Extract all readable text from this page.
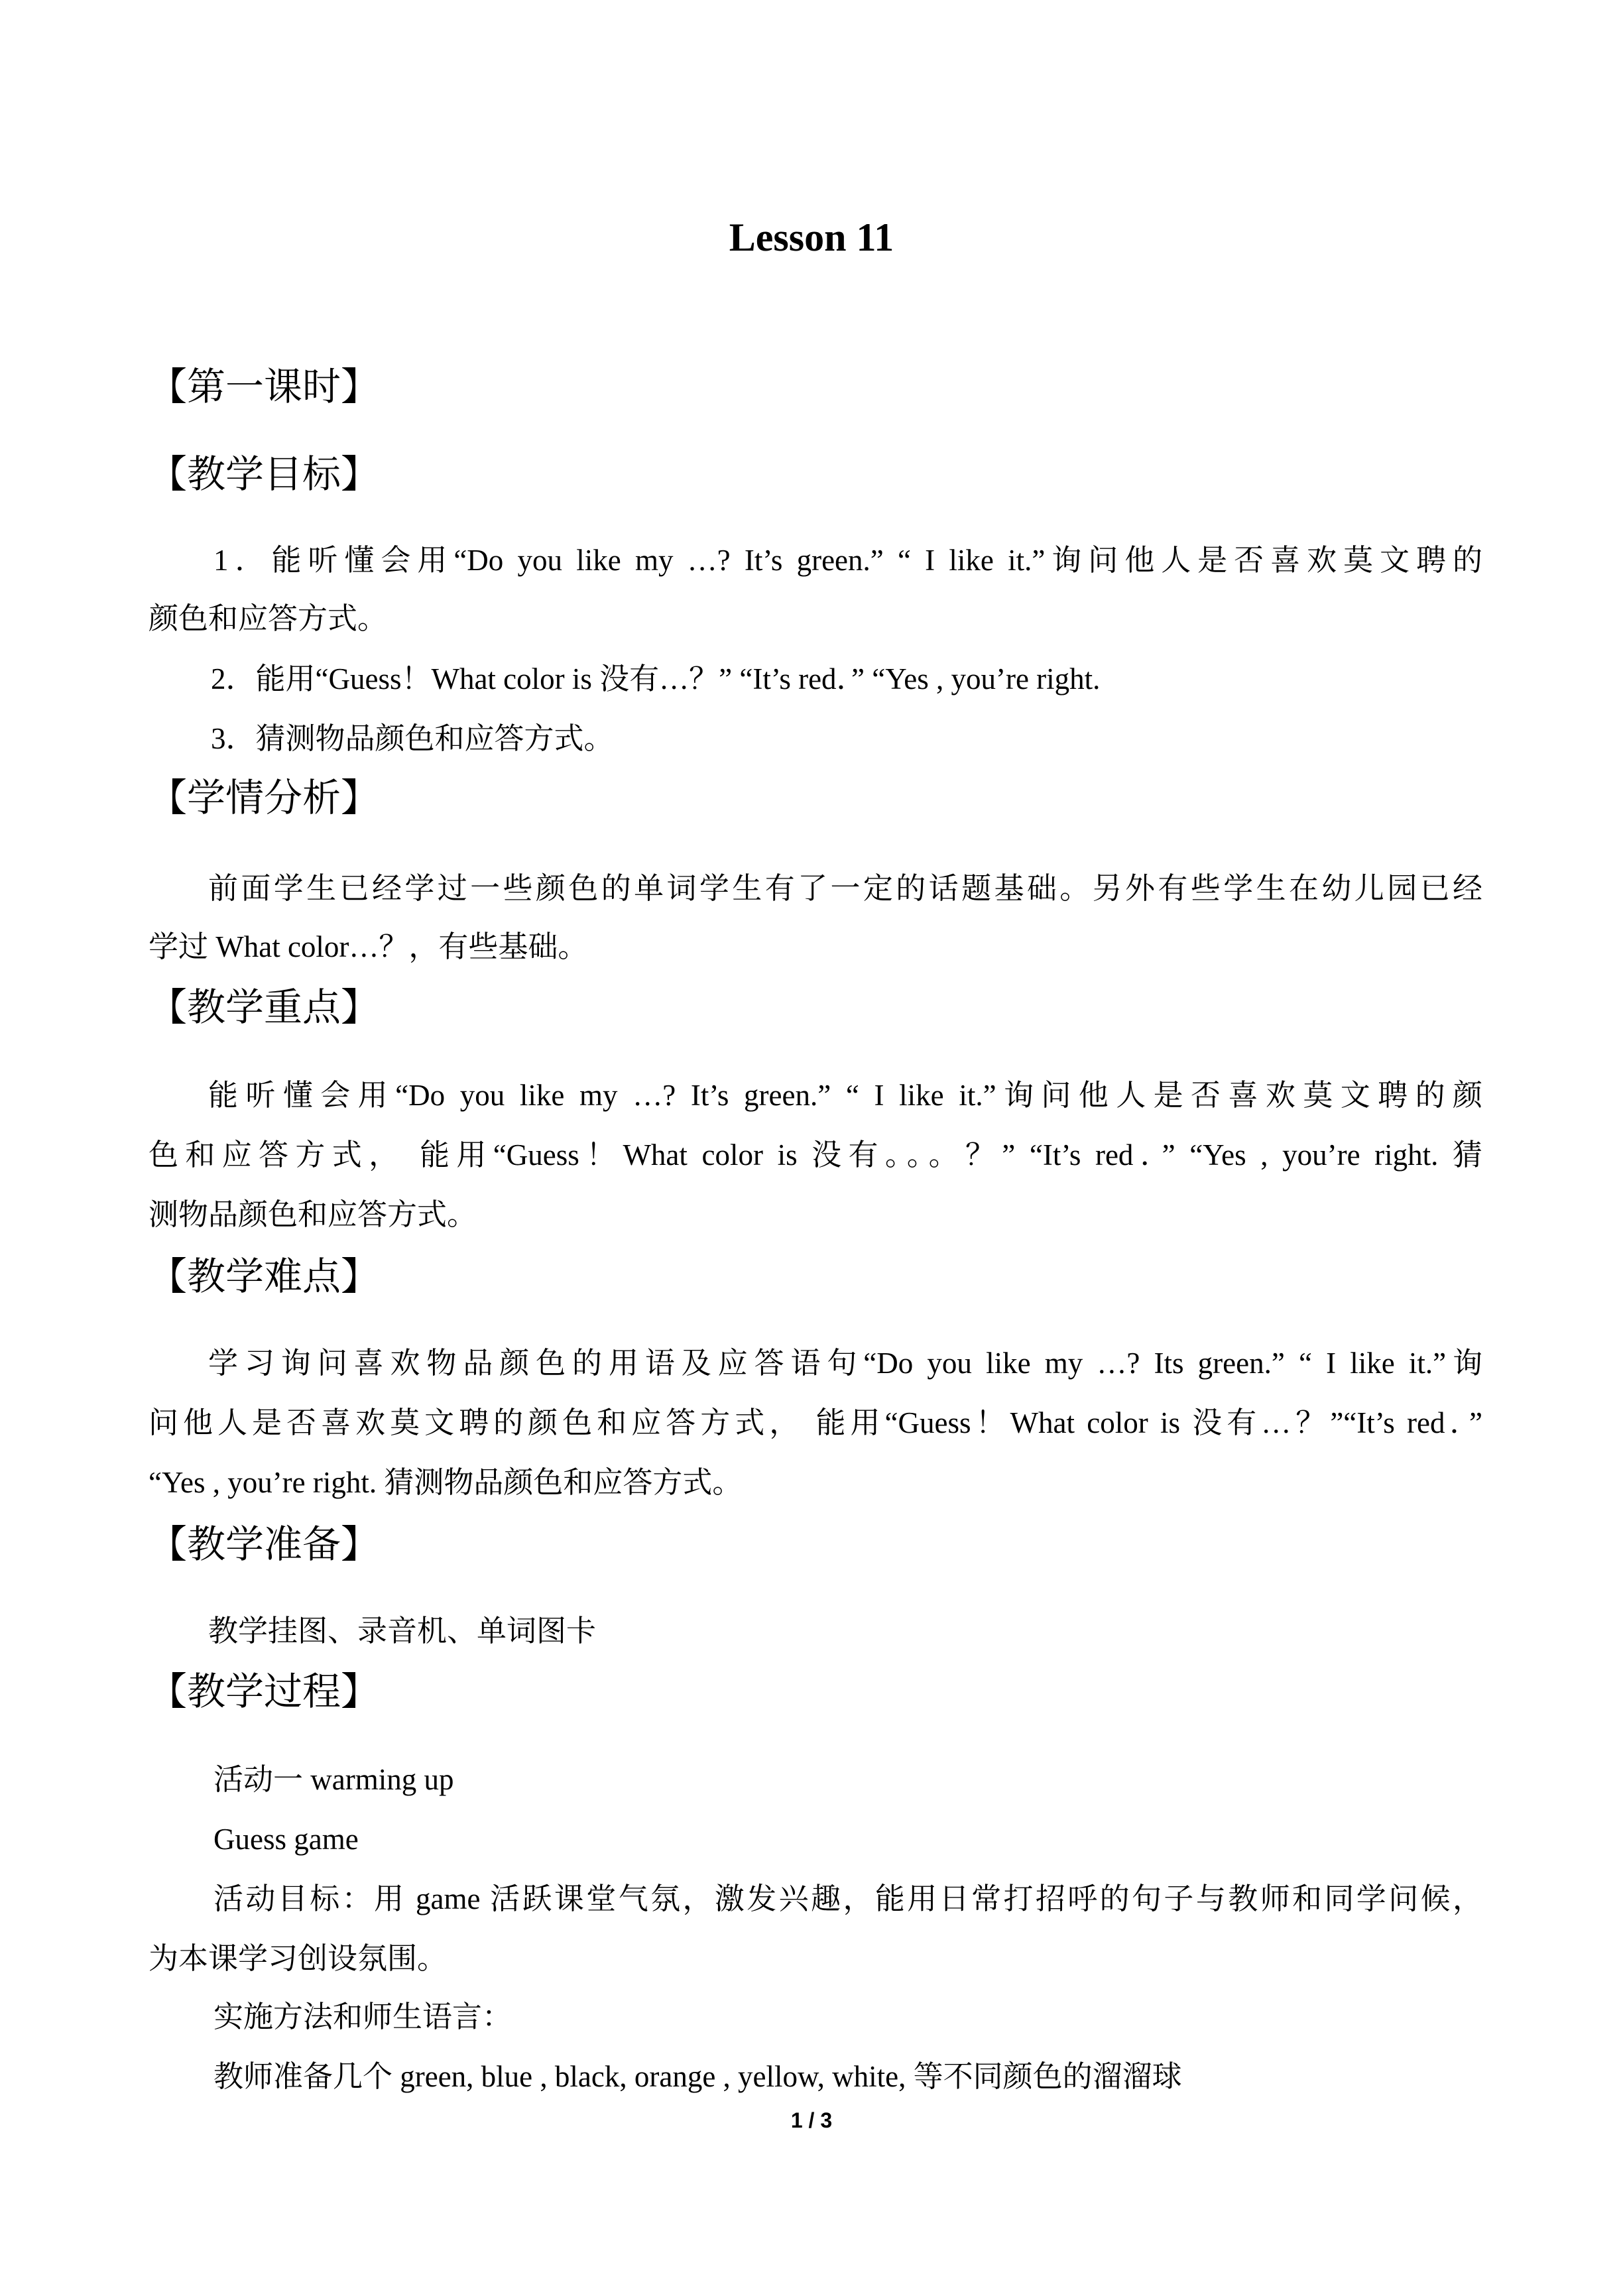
Lesson 11
【第一课时】
【教学目标】
1．能听懂会用“Do you like my …? It’s green.” “ I like it.”询问他人是否喜欢莫文聘的
颜色和应答方式。
2．能用“Guess！What color is 没有…？” “It’s red．” “Yes , you’re right.
3．猜测物品颜色和应答方式。
【学情分析】
前面学生已经学过一些颜色的单词学生有了一定的话题基础。另外有些学生在幼儿园已经
学过 What color…？，有些基础。
【教学重点】
能听懂会用“Do you like my …? It’s green.” “ I like it.”询问他人是否喜欢莫文聘的颜
色和应答方式， 能用“Guess！What color is 没有。。。？” “It’s red．” “Yes , you’re right. 猜
测物品颜色和应答方式。
【教学难点】
学习询问喜欢物品颜色的用语及应答语句“Do you like my …? Its green.” “ I like it.”询
问他人是否喜欢莫文聘的颜色和应答方式， 能用“Guess！What color is 没有…？”“It’s red．”
“Yes , you’re right. 猜测物品颜色和应答方式。
【教学准备】
教学挂图、录音机、单词图卡
【教学过程】
活动一 warming up
Guess game
活动目标：用 game 活跃课堂气氛，激发兴趣，能用日常打招呼的句子与教师和同学问候，
为本课学习创设氛围。
实施方法和师生语言：
教师准备几个 green, blue , black, orange , yellow, white, 等不同颜色的溜溜球
1 / 3
